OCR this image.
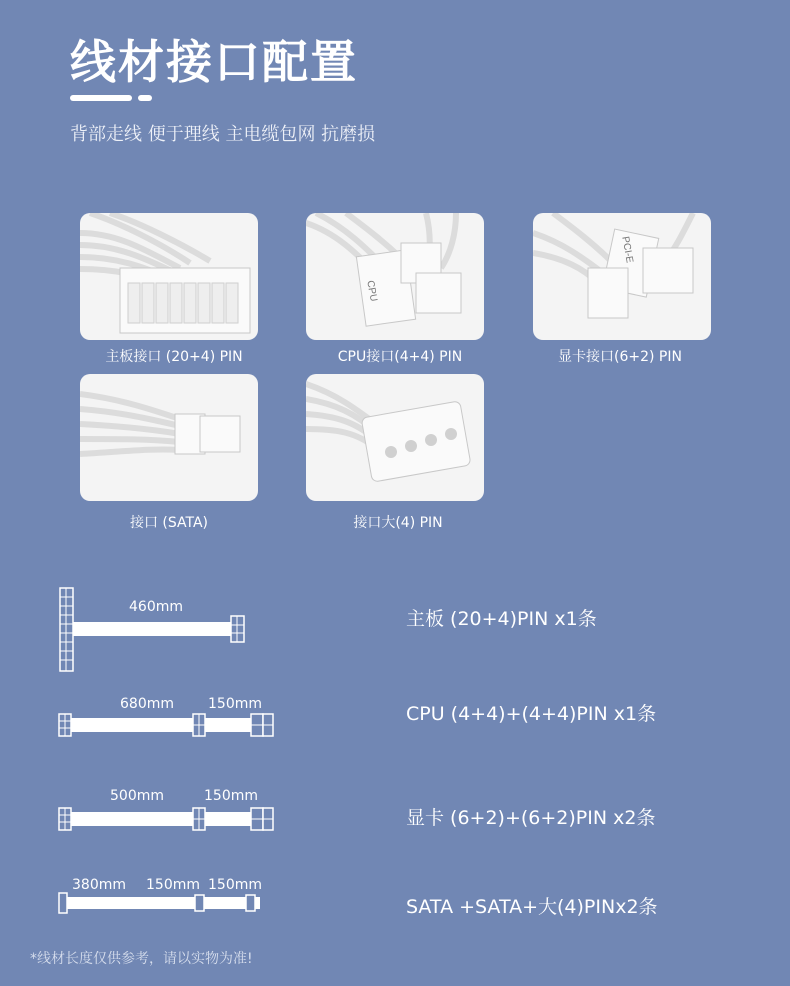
线材接口配置
背部走线 便于理线 主电缆包网 抗磨损
主板接口 (20+4) PIN
CPU
CPU接口(4+4) PIN
PCI-E
显卡接口(6+2) PIN
接口 (SATA)	接口大(4) PIN
460mm
主板 (20+4)PIN x1条
680mm 150mm	CPU (4+4)+(4+4)PIN x1条
500mm	150mm
显卡 (6+2)+(6+2)PIN x2条
380mm 150mm 150mm
SATA +SATA+大(4)PINx2条
*线材长度仅供参考，请以实物为准!
